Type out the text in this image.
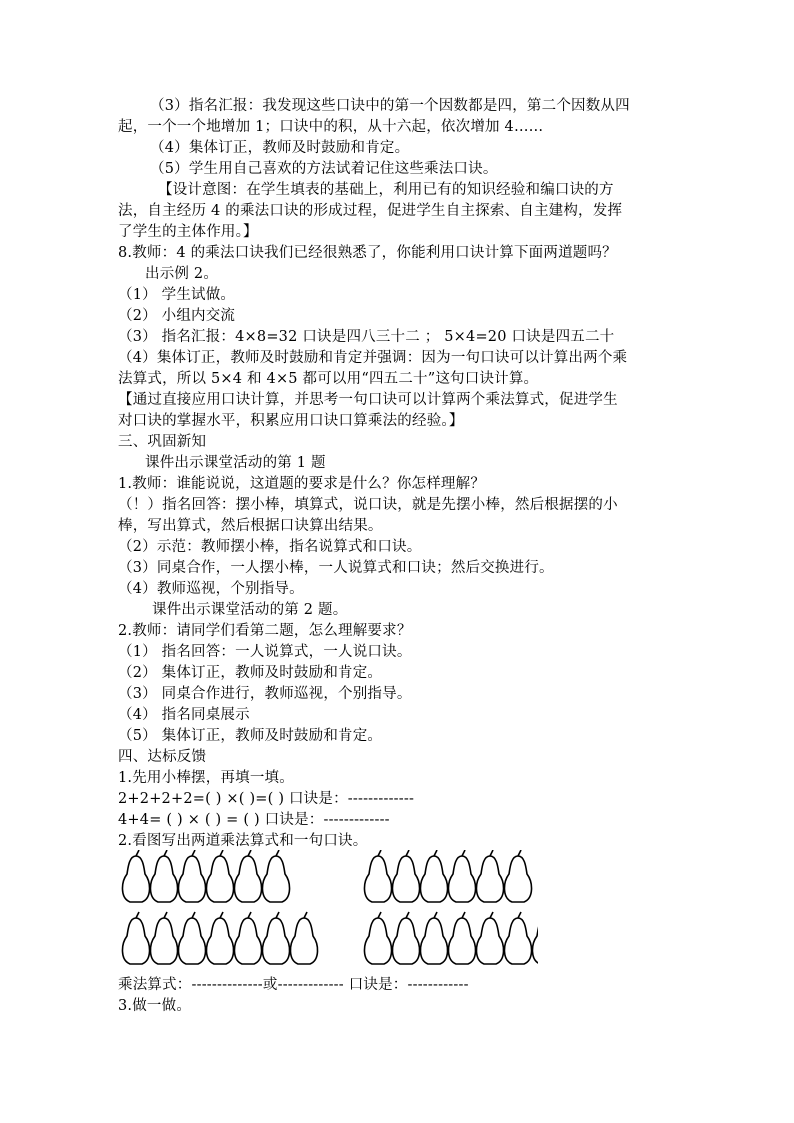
（3）指名汇报：我发现这些口诀中的第一个因数都是四，第二个因数从四
起，一个一个地增加 1；口诀中的积，从十六起，依次增加 4……
（4）集体订正，教师及时鼓励和肯定。
（5）学生用自己喜欢的方法试着记住这些乘法口诀。
【设计意图：在学生填表的基础上，利用已有的知识经验和编口诀的方
法，自主经历 4 的乘法口诀的形成过程，促进学生自主探索、自主建构，发挥
了学生的主体作用。】
8.教师：4 的乘法口诀我们已经很熟悉了，你能利用口诀计算下面两道题吗？
出示例 2。
（1） 学生试做。
（2） 小组内交流
（3） 指名汇报：4×8=32 口诀是四八三十二 ； 5×4=20 口诀是四五二十
（4）集体订正，教师及时鼓励和肯定并强调：因为一句口诀可以计算出两个乘
法算式，所以 5×4 和 4×5 都可以用“四五二十”这句口诀计算。
【通过直接应用口诀计算，并思考一句口诀可以计算两个乘法算式，促进学生
对口诀的掌握水平，积累应用口诀口算乘法的经验。】
三、巩固新知
课件出示课堂活动的第 1 题
1.教师：谁能说说，这道题的要求是什么？你怎样理解？
（！）指名回答：摆小棒，填算式，说口诀，就是先摆小棒，然后根据摆的小
棒，写出算式，然后根据口诀算出结果。
（2）示范：教师摆小棒，指名说算式和口诀。
（3）同桌合作，一人摆小棒，一人说算式和口诀；然后交换进行。
（4）教师巡视，个别指导。
课件出示课堂活动的第 2 题。
2.教师：请同学们看第二题，怎么理解要求？
（1） 指名回答：一人说算式，一人说口诀。
（2） 集体订正，教师及时鼓励和肯定。
（3） 同桌合作进行，教师巡视，个别指导。
（4） 指名同桌展示
（5） 集体订正，教师及时鼓励和肯定。
四、达标反馈
1.先用小棒摆，再填一填。
2+2+2+2=( ) ×( )=( ) 口诀是：-------------
4+4= ( ) × ( ) = ( ) 口诀是：-------------
2.看图写出两道乘法算式和一句口诀。
乘法算式：--------------或------------- 口诀是：------------
3.做一做。
